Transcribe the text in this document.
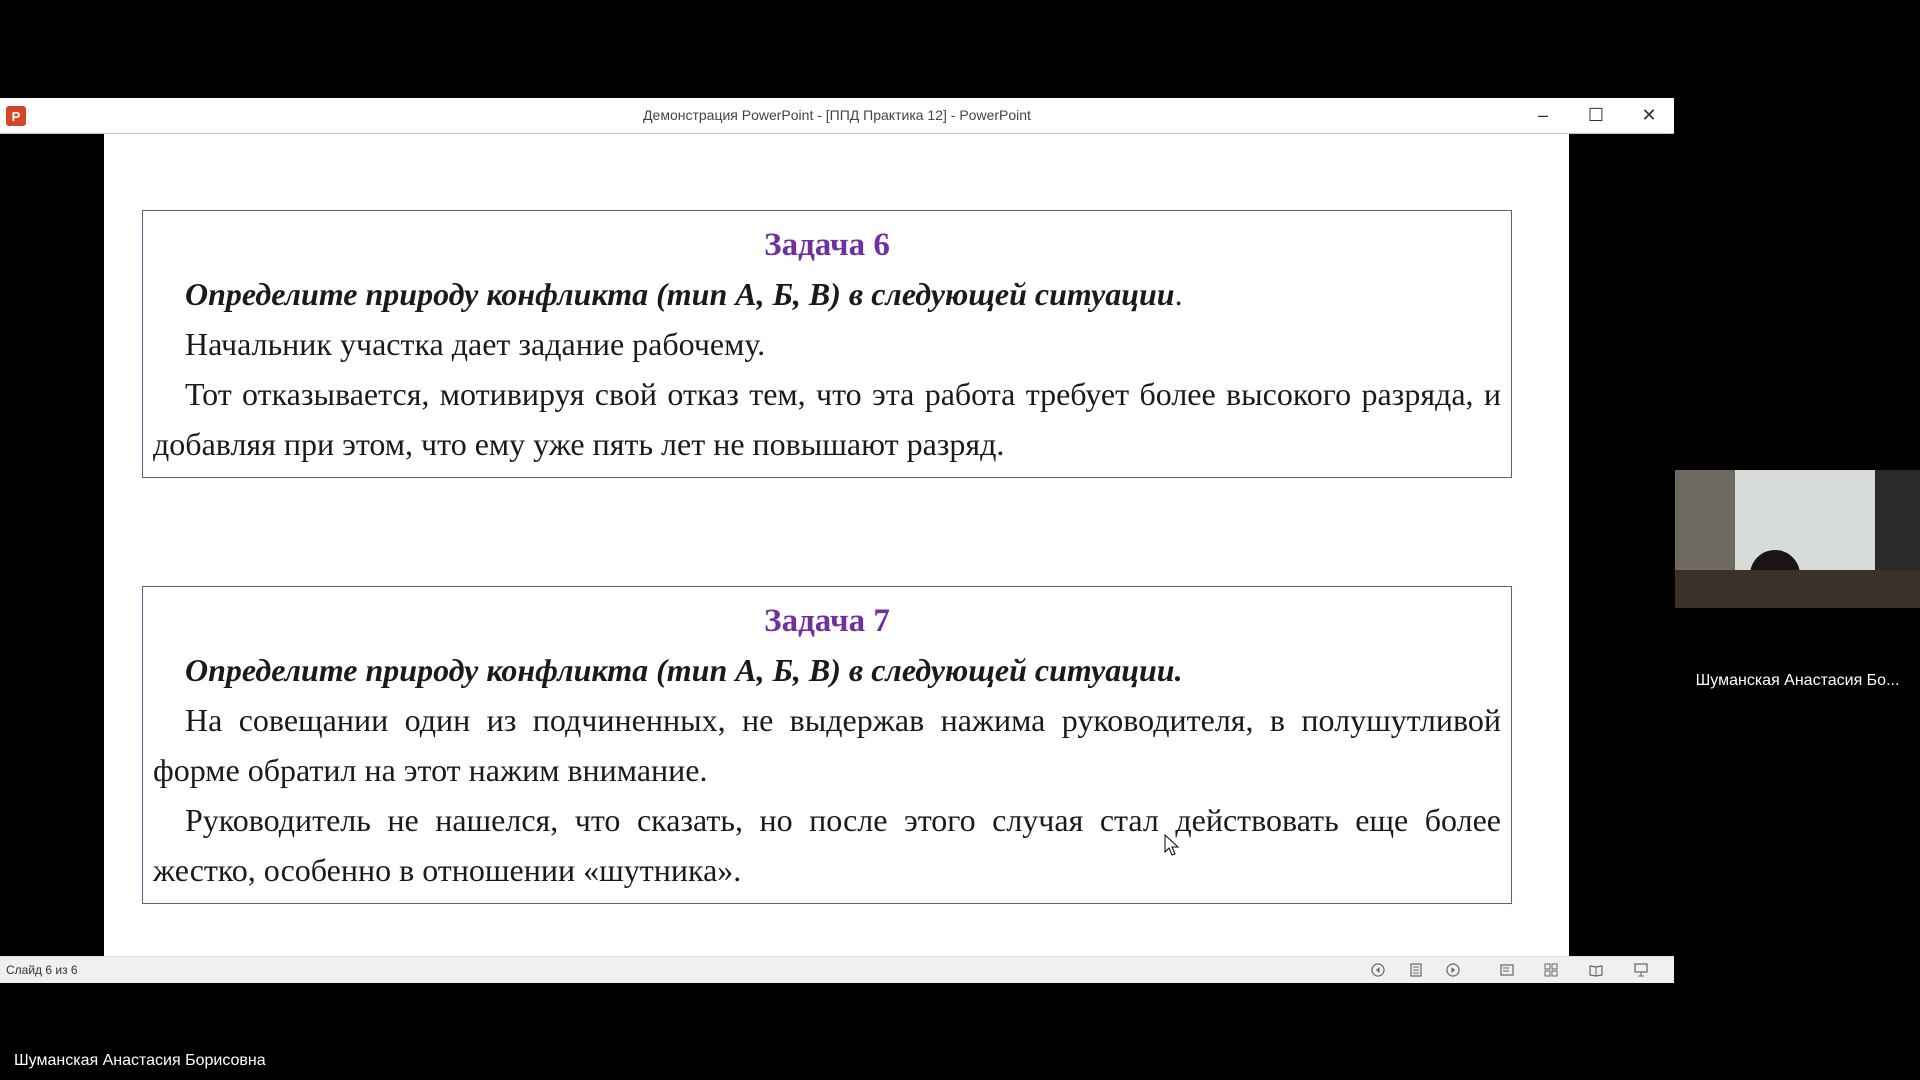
P	Демонстрация PowerPoint - [ППД Практика 12] - PowerPoint	–	☐	✕
Задача 6
Определите природу конфликта (тип А, Б, В) в следующей ситуации.
Начальник участка дает задание рабочему.
Тот отказывается, мотивируя свой отказ тем, что эта работа требует более высокого разряда, и добавляя при этом, что ему уже пять лет не повышают разряд.
Задача 7
Определите природу конфликта (тип А, Б, В) в следующей ситуации.
На совещании один из подчиненных, не выдержав нажима руководителя, в полушутливой форме обратил на этот нажим внимание.
Руководитель не нашелся, что сказать, но после этого случая стал действовать еще более жестко, особенно в отношении «шутника».
Слайд 6 из 6
Шуманская Анастасия Бо...
Шуманская Анастасия Борисовна
